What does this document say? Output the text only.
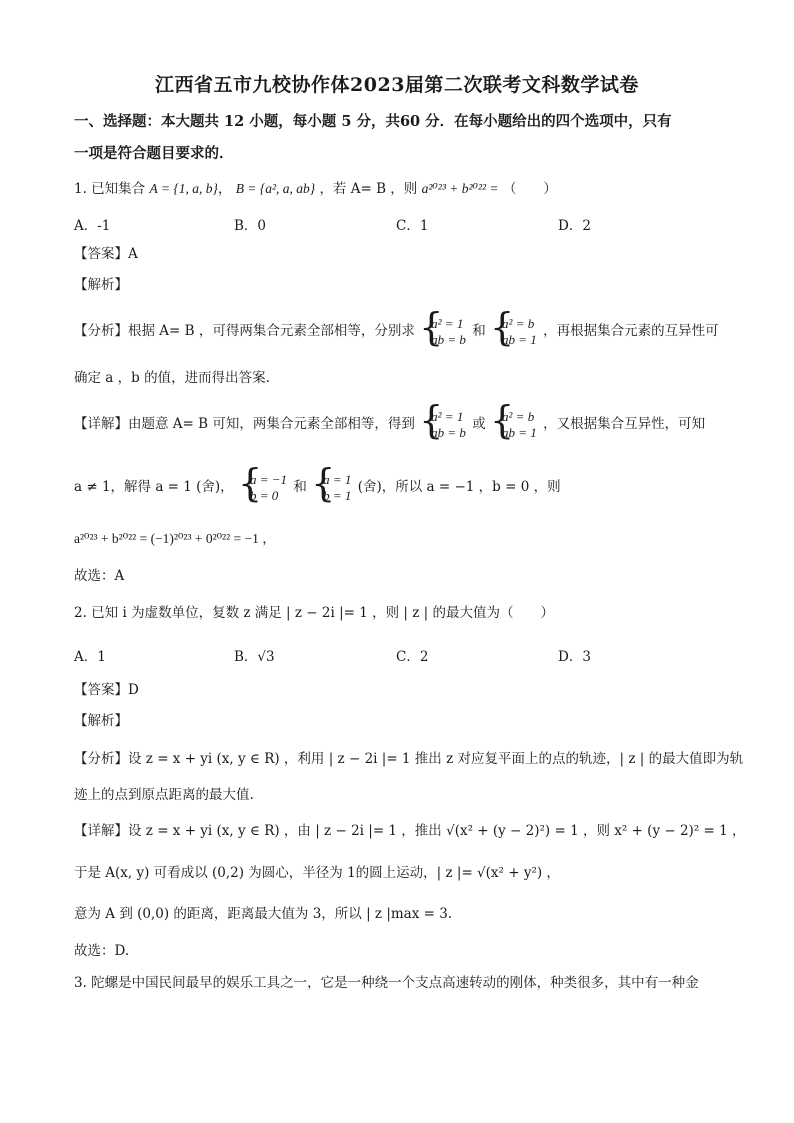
江西省五市九校协作体2023届第二次联考文科数学试卷
一、选择题：本大题共 12 小题，每小题 5 分，共60 分．在每小题给出的四个选项中，只有
一项是符合题目要求的．
1. 已知集合 A = {1, a, b}， B = {a², a, ab} ，若 A= B ，则 a²⁰²³ + b²⁰²² = （　　）
A．-1	B．0	C．1	D．2
【答案】A
【解析】
【分析】根据 A= B ，可得两集合元素全部相等，分别求 { a² = 1
ab = b 和 { a² = b
ab = 1 ，再根据集合元素的互异性可
确定 a ，b 的值，进而得出答案.
【详解】由题意 A= B 可知，两集合元素全部相等，得到 { a² = 1
ab = b 或 { a² = b
ab = 1 ，又根据集合互异性，可知
a ≠ 1，解得 a = 1 (舍)， { a = −1
b = 0	和 { a = 1
b = 1 (舍)，所以 a = −1 ，b = 0 ，则
a²⁰²³ + b²⁰²² = (−1)²⁰²³ + 0²⁰²² = −1 ，
故选：A
2. 已知 i 为虚数单位，复数 z 满足 | z − 2i |= 1 ，则 | z | 的最大值为（　　）
A．1	B．√3	C．2	D．3
【答案】D
【解析】
【分析】设 z = x + yi (x, y ∈ R) ，利用 | z − 2i |= 1 推出 z 对应复平面上的点的轨迹，| z | 的最大值即为轨
迹上的点到原点距离的最大值.
【详解】设 z = x + yi (x, y ∈ R) ，由 | z − 2i |= 1 ，推出 √(x² + (y − 2)²) = 1 ，则 x² + (y − 2)² = 1 ，
于是 A(x, y) 可看成以 (0,2) 为圆心，半径为 1的圆上运动，| z |= √(x² + y²) ，
意为 A 到 (0,0) 的距离，距离最大值为 3，所以 | z |max = 3.
故选：D.
3. 陀螺是中国民间最早的娱乐工具之一，它是一种绕一个支点高速转动的刚体，种类很多，其中有一种金
